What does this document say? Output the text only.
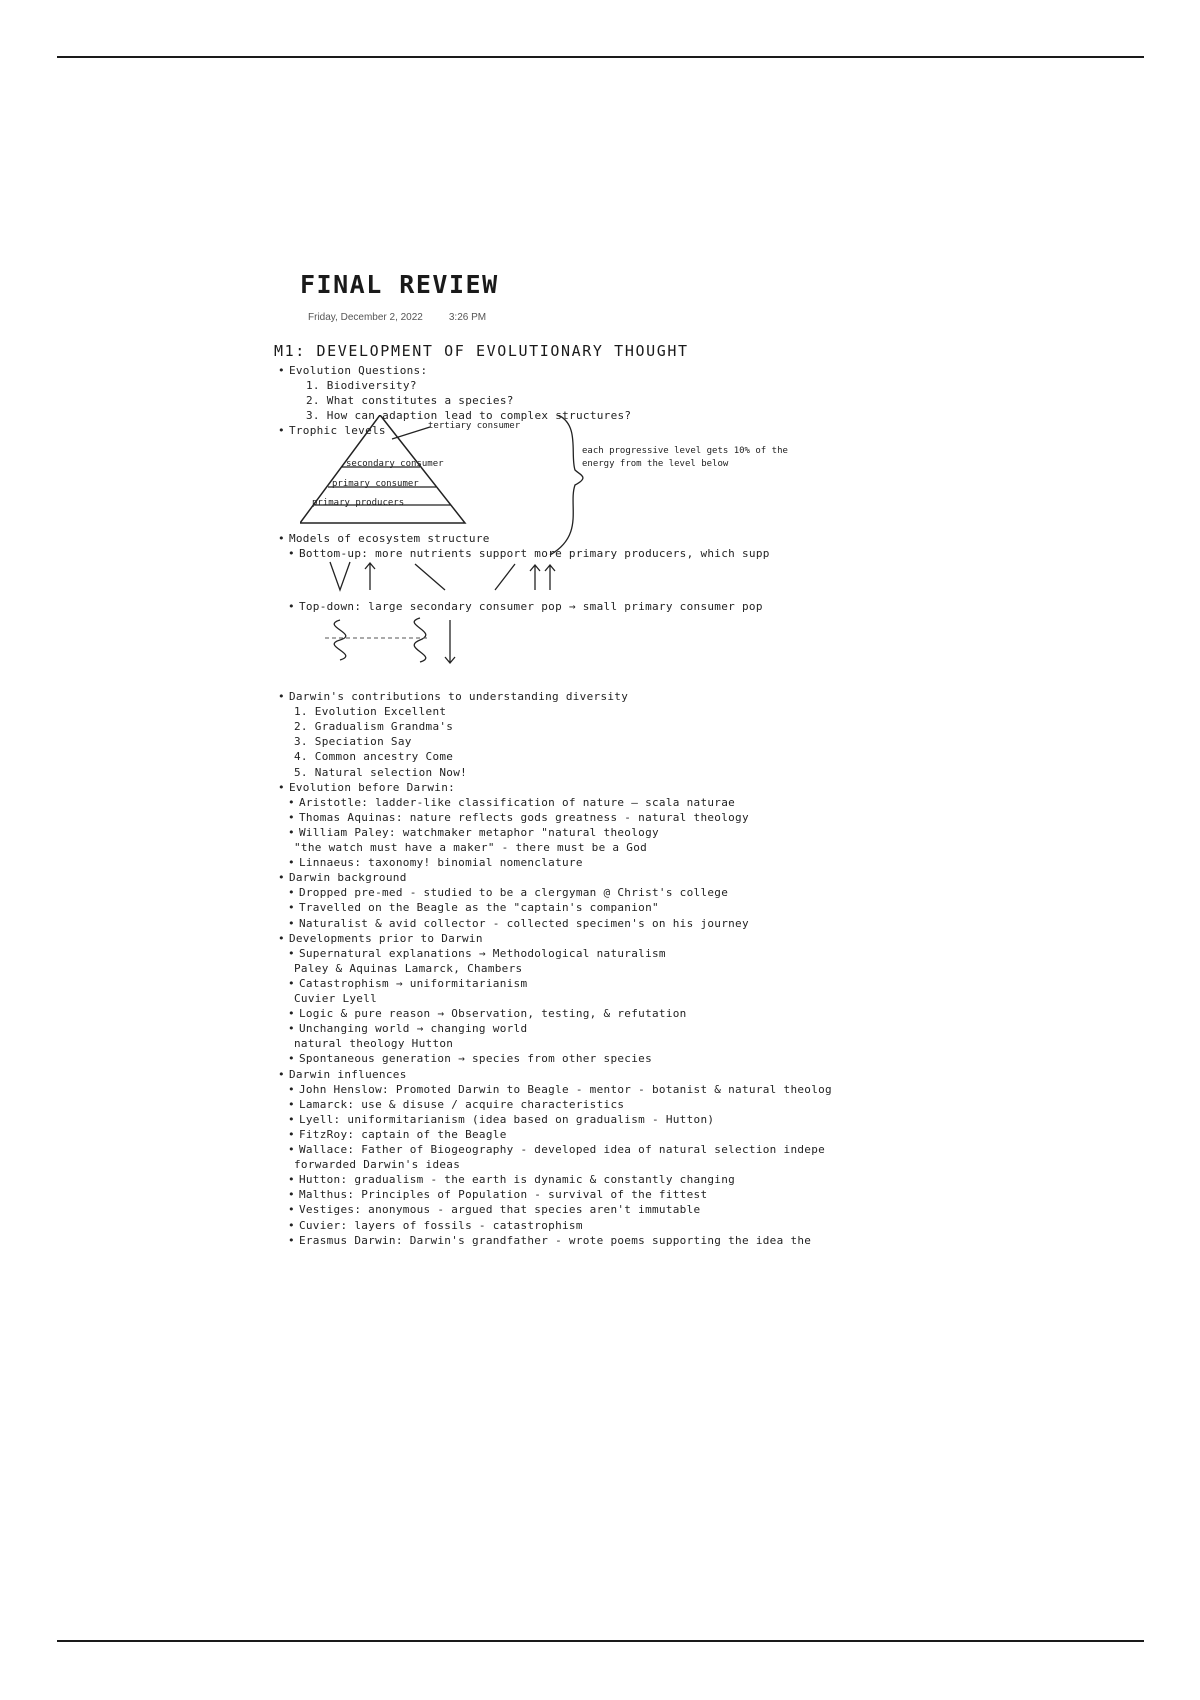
FINAL REVIEW
Friday, December 2, 2022	3:26 PM
M1: DEVELOPMENT OF EVOLUTIONARY THOUGHT
• Evolution Questions:
1. Biodiversity?
2. What constitutes a species?
3. How can adaption lead to complex structures?
• Trophic levels	tertiary consumer
secondary consumer
primary consumer
primary producers
each progressive level gets 10% of the
energy from the level below
• Models of ecosystem structure
• Bottom-up: more nutrients support more primary producers, which supp
• Top-down: large secondary consumer pop → small primary consumer pop
• Darwin's contributions to understanding diversity
1. Evolution Excellent
2. Gradualism Grandma's
3. Speciation Say
4. Common ancestry Come
5. Natural selection Now!
• Evolution before Darwin:
• Aristotle: ladder-like classification of nature — scala naturae
• Thomas Aquinas: nature reflects gods greatness - natural theology
• William Paley: watchmaker metaphor "natural theology
"the watch must have a maker" - there must be a God
• Linnaeus: taxonomy! binomial nomenclature
• Darwin background
• Dropped pre-med - studied to be a clergyman @ Christ's college
• Travelled on the Beagle as the "captain's companion"
• Naturalist & avid collector - collected specimen's on his journey
• Developments prior to Darwin
• Supernatural explanations → Methodological naturalism
Paley & Aquinas Lamarck, Chambers
• Catastrophism → uniformitarianism
Cuvier Lyell
• Logic & pure reason → Observation, testing, & refutation
• Unchanging world → changing world
natural theology Hutton
• Spontaneous generation → species from other species
• Darwin influences
• John Henslow: Promoted Darwin to Beagle - mentor - botanist & natural theolog
• Lamarck: use & disuse / acquire characteristics
• Lyell: uniformitarianism (idea based on gradualism - Hutton)
• FitzRoy: captain of the Beagle
• Wallace: Father of Biogeography - developed idea of natural selection indepe
forwarded Darwin's ideas
• Hutton: gradualism - the earth is dynamic & constantly changing
• Malthus: Principles of Population - survival of the fittest
• Vestiges: anonymous - argued that species aren't immutable
• Cuvier: layers of fossils - catastrophism
• Erasmus Darwin: Darwin's grandfather - wrote poems supporting the idea the
